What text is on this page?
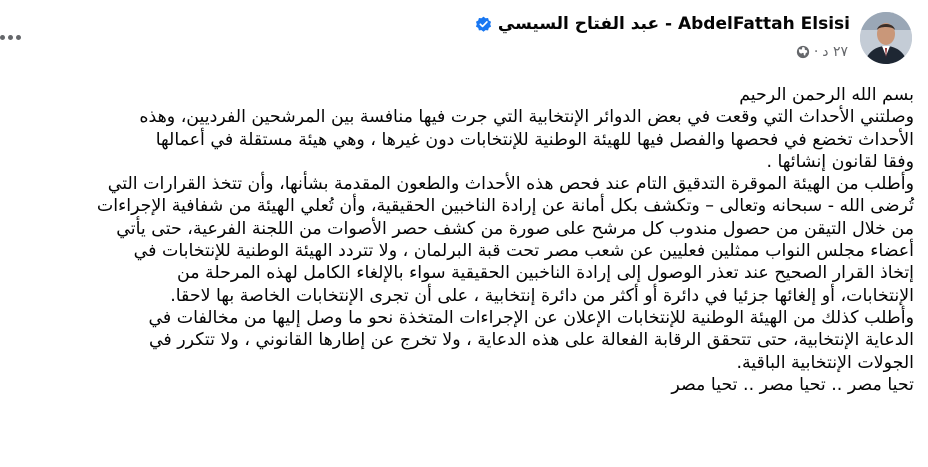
AbdelFattah Elsisi - عبد الفتاح السيسي
٢٧ د
·
بسم الله الرحمن الرحيم
وصلتني الأحداث التي وقعت في بعض الدوائر الإنتخابية التي جرت فيها منافسة بين المرشحين الفرديين، وهذه
الأحداث تخضع في فحصها والفصل فيها للهيئة الوطنية للإنتخابات دون غيرها ، وهي هيئة مستقلة في أعمالها
وفقا لقانون إنشائها .
وأطلب من الهيئة الموقرة التدقيق التام عند فحص هذه الأحداث والطعون المقدمة بشأنها، وأن تتخذ القرارات التي
تُرضى الله - سبحانه وتعالى – وتكشف بكل أمانة عن إرادة الناخبين الحقيقية، وأن تُعلي الهيئة من شفافية الإجراءات
من خلال التيقن من حصول مندوب كل مرشح على صورة من كشف حصر الأصوات من اللجنة الفرعية، حتى يأتي
أعضاء مجلس النواب ممثلين فعليين عن شعب مصر تحت قبة البرلمان ، ولا تتردد الهيئة الوطنية للإنتخابات في
إتخاذ القرار الصحيح عند تعذر الوصول إلى إرادة الناخبين الحقيقية سواء بالإلغاء الكامل لهذه المرحلة من
الإنتخابات، أو إلغائها جزئيا في دائرة أو أكثر من دائرة إنتخابية ، على أن تجرى الإنتخابات الخاصة بها لاحقا.
وأطلب كذلك من الهيئة الوطنية للإنتخابات الإعلان عن الإجراءات المتخذة نحو ما وصل إليها من مخالفات في
الدعاية الإنتخابية، حتى تتحقق الرقابة الفعالة على هذه الدعاية ، ولا تخرج عن إطارها القانوني ، ولا تتكرر في
الجولات الإنتخابية الباقية.
تحيا مصر .. تحيا مصر .. تحيا مصر
